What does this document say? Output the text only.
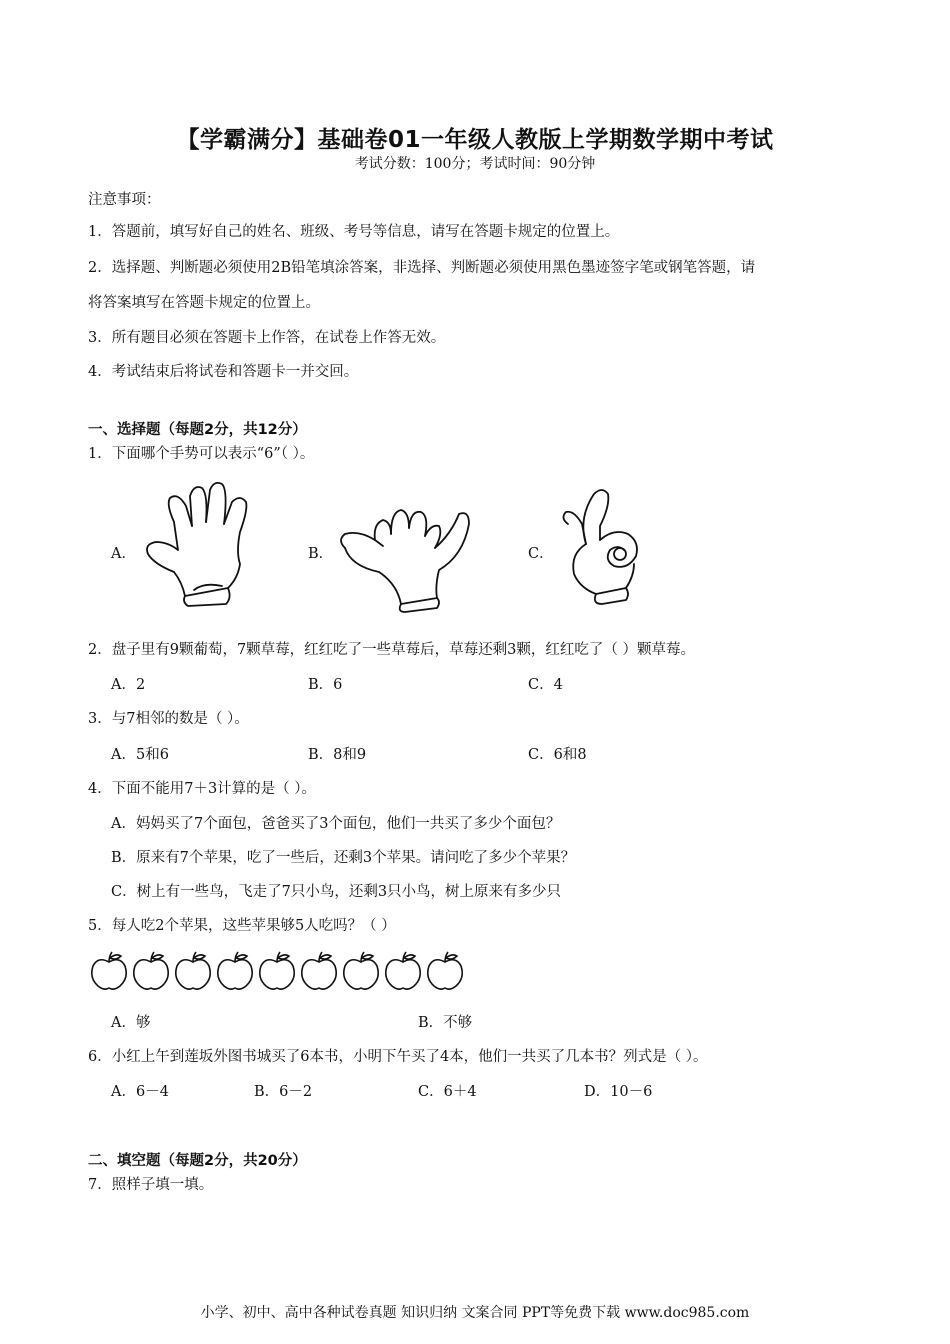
【学霸满分】基础卷01一年级人教版上学期数学期中考试
考试分数：100分；考试时间：90分钟
注意事项：
1．答题前，填写好自己的姓名、班级、考号等信息，请写在答题卡规定的位置上。
2．选择题、判断题必须使用2B铅笔填涂答案，非选择、判断题必须使用黑色墨迹签字笔或钢笔答题，请
将答案填写在答题卡规定的位置上。
3．所有题目必须在答题卡上作答，在试卷上作答无效。
4．考试结束后将试卷和答题卡一并交回。
一、选择题（每题2分，共12分）
1．下面哪个手势可以表示“6”（ ）。
A．	B．	C．
2．盘子里有9颗葡萄，7颗草莓，红红吃了一些草莓后，草莓还剩3颗，红红吃了（ ）颗草莓。
A．2	B．6	C．4
3．与7相邻的数是（ ）。
A．5和6	B．8和9	C．6和8
4．下面不能用7＋3计算的是（ ）。
A．妈妈买了7个面包，爸爸买了3个面包，他们一共买了多少个面包？
B．原来有7个苹果，吃了一些后，还剩3个苹果。请问吃了多少个苹果？
C．树上有一些鸟，飞走了7只小鸟，还剩3只小鸟，树上原来有多少只
5．每人吃2个苹果，这些苹果够5人吃吗？（ ）
A．够	B．不够
6．小红上午到莲坂外图书城买了6本书，小明下午买了4本，他们一共买了几本书？列式是（ ）。
A．6－4	B．6－2	C．6＋4	D．10－6
二、填空题（每题2分，共20分）
7．照样子填一填。
小学、初中、高中各种试卷真题 知识归纳 文案合同 PPT等免费下载 www.doc985.com
